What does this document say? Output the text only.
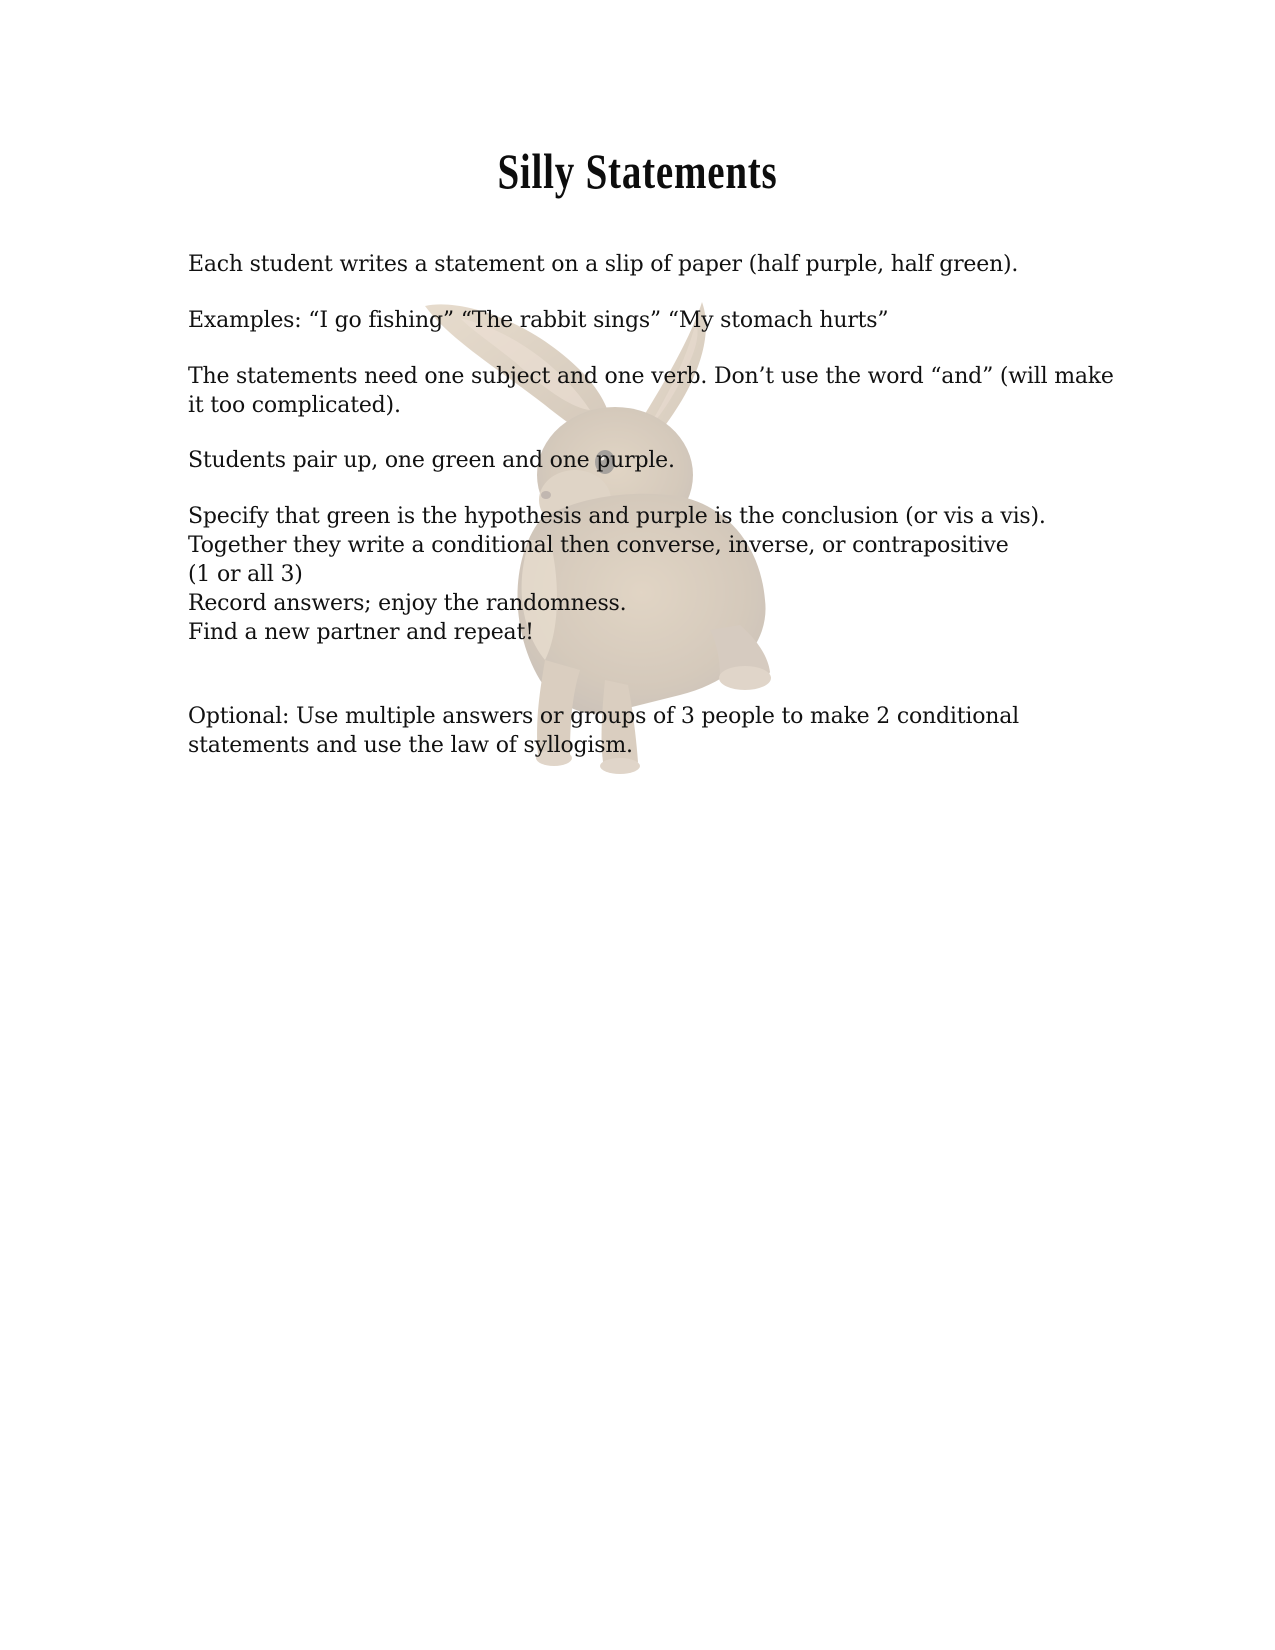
Silly Statements

Each student writes a statement on a slip of paper (half purple, half green).

Examples: “I go fishing” “The rabbit sings” “My stomach hurts”

The statements need one subject and one verb. Don’t use the word “and” (will make
it too complicated).

Students pair up, one green and one purple.

Specify that green is the hypothesis and purple is the conclusion (or vis a vis).
Together they write a conditional then converse, inverse, or contrapositive
(1 or all 3)
Record answers; enjoy the randomness.
Find a new partner and repeat!

Optional: Use multiple answers or groups of 3 people to make 2 conditional
statements and use the law of syllogism.
